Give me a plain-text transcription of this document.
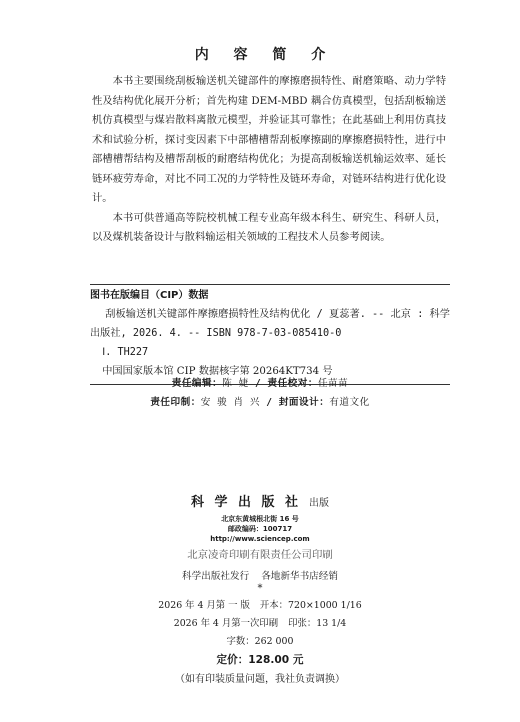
内 容 简 介

本书主要围绕刮板输送机关键部件的摩擦磨损特性、耐磨策略、动力学特性及结构优化展开分析；首先构建 DEM-MBD 耦合仿真模型，包括刮板输送机仿真模型与煤岩散料离散元模型，并验证其可靠性；在此基础上利用仿真技术和试验分析，探讨变因素下中部槽槽帮刮板摩擦副的摩擦磨损特性，进行中部槽槽帮结构及槽帮刮板的耐磨结构优化；为提高刮板输送机输运效率、延长链环疲劳寿命，对比不同工况的力学特性及链环寿命，对链环结构进行优化设计。

本书可供普通高等院校机械工程专业高年级本科生、研究生、科研人员，以及煤机装备设计与散料输运相关领域的工程技术人员参考阅读。

图书在版编目（CIP）数据
刮板输送机关键部件摩擦磨损特性及结构优化 / 夏蕊著. -- 北京 : 科学出版社, 2026. 4. -- ISBN 978-7-03-085410-0
Ⅰ. TH227
中国国家版本馆 CIP 数据核字第 20264KT734 号
责任编辑：陈 婕 / 责任校对：任苗苗
责任印制：安 骏 肖 兴 / 封面设计：有道文化
科 学 出 版 社 出版
北京东黄城根北街 16 号
邮政编码：100717
http://www.sciencep.com
北京凌奇印刷有限责任公司印刷
科学出版社发行 各地新华书店经销
*
2026 年 4 月第 一 版 开本：720×1000 1/16
2026 年 4 月第一次印刷 印张：13 1/4
字数：262 000
定价：128.00 元
（如有印装质量问题，我社负责调换）
